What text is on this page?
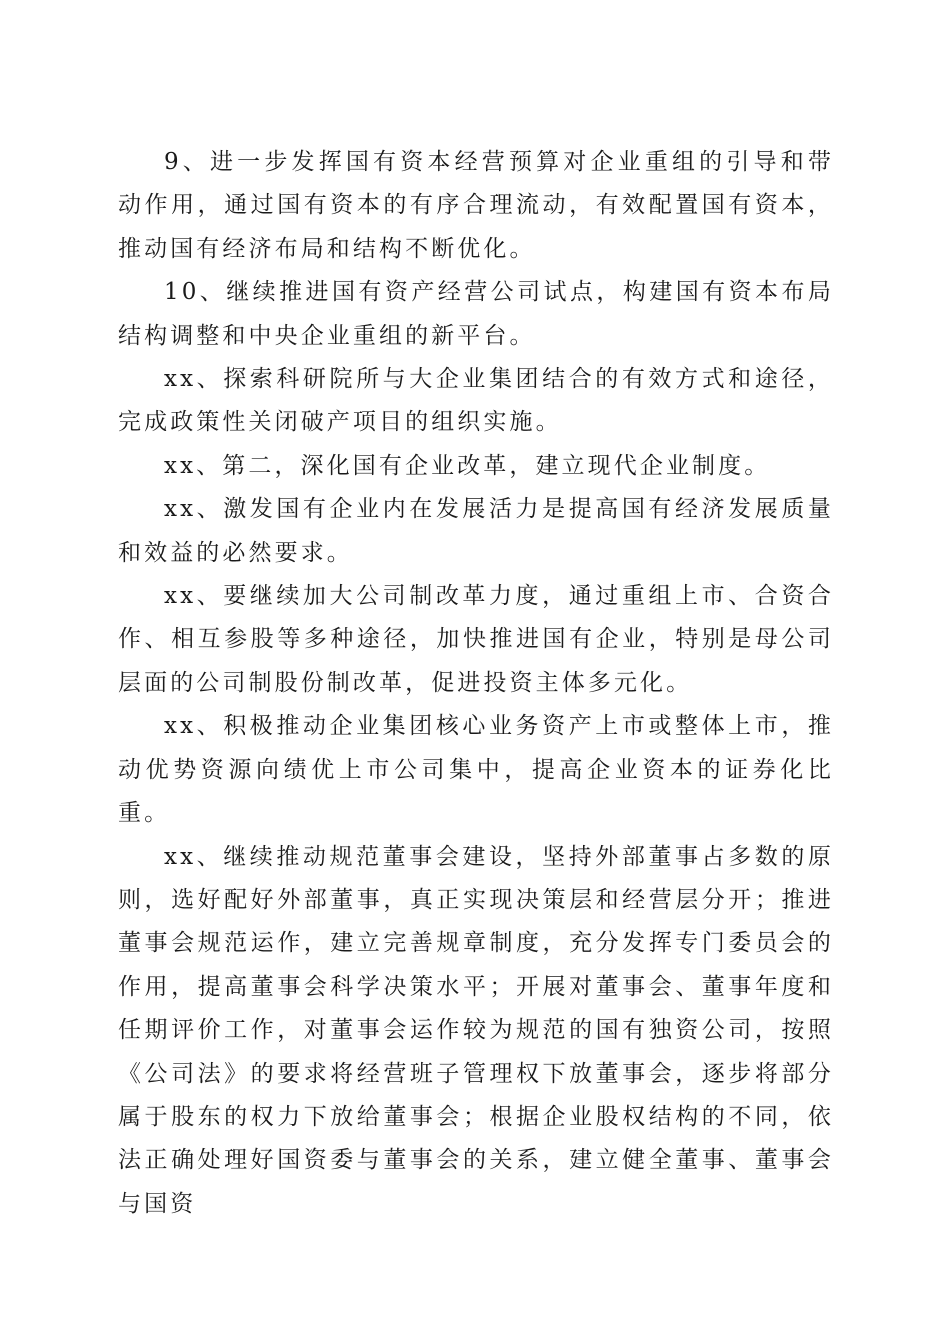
9、进一步发挥国有资本经营预算对企业重组的引导和带动作用，通过国有资本的有序合理流动，有效配置国有资本，推动国有经济布局和结构不断优化。

10、继续推进国有资产经营公司试点，构建国有资本布局结构调整和中央企业重组的新平台。

xx、探索科研院所与大企业集团结合的有效方式和途径，完成政策性关闭破产项目的组织实施。

xx、第二，深化国有企业改革，建立现代企业制度。

xx、激发国有企业内在发展活力是提高国有经济发展质量和效益的必然要求。

xx、要继续加大公司制改革力度，通过重组上市、合资合作、相互参股等多种途径，加快推进国有企业，特别是母公司层面的公司制股份制改革，促进投资主体多元化。

xx、积极推动企业集团核心业务资产上市或整体上市，推动优势资源向绩优上市公司集中，提高企业资本的证券化比重。

xx、继续推动规范董事会建设，坚持外部董事占多数的原则，选好配好外部董事，真正实现决策层和经营层分开；推进董事会规范运作，建立完善规章制度，充分发挥专门委员会的作用，提高董事会科学决策水平；开展对董事会、董事年度和任期评价工作，对董事会运作较为规范的国有独资公司，按照《公司法》的要求将经营班子管理权下放董事会，逐步将部分属于股东的权力下放给董事会；根据企业股权结构的不同，依法正确处理好国资委与董事会的关系，建立健全董事、董事会与国资
